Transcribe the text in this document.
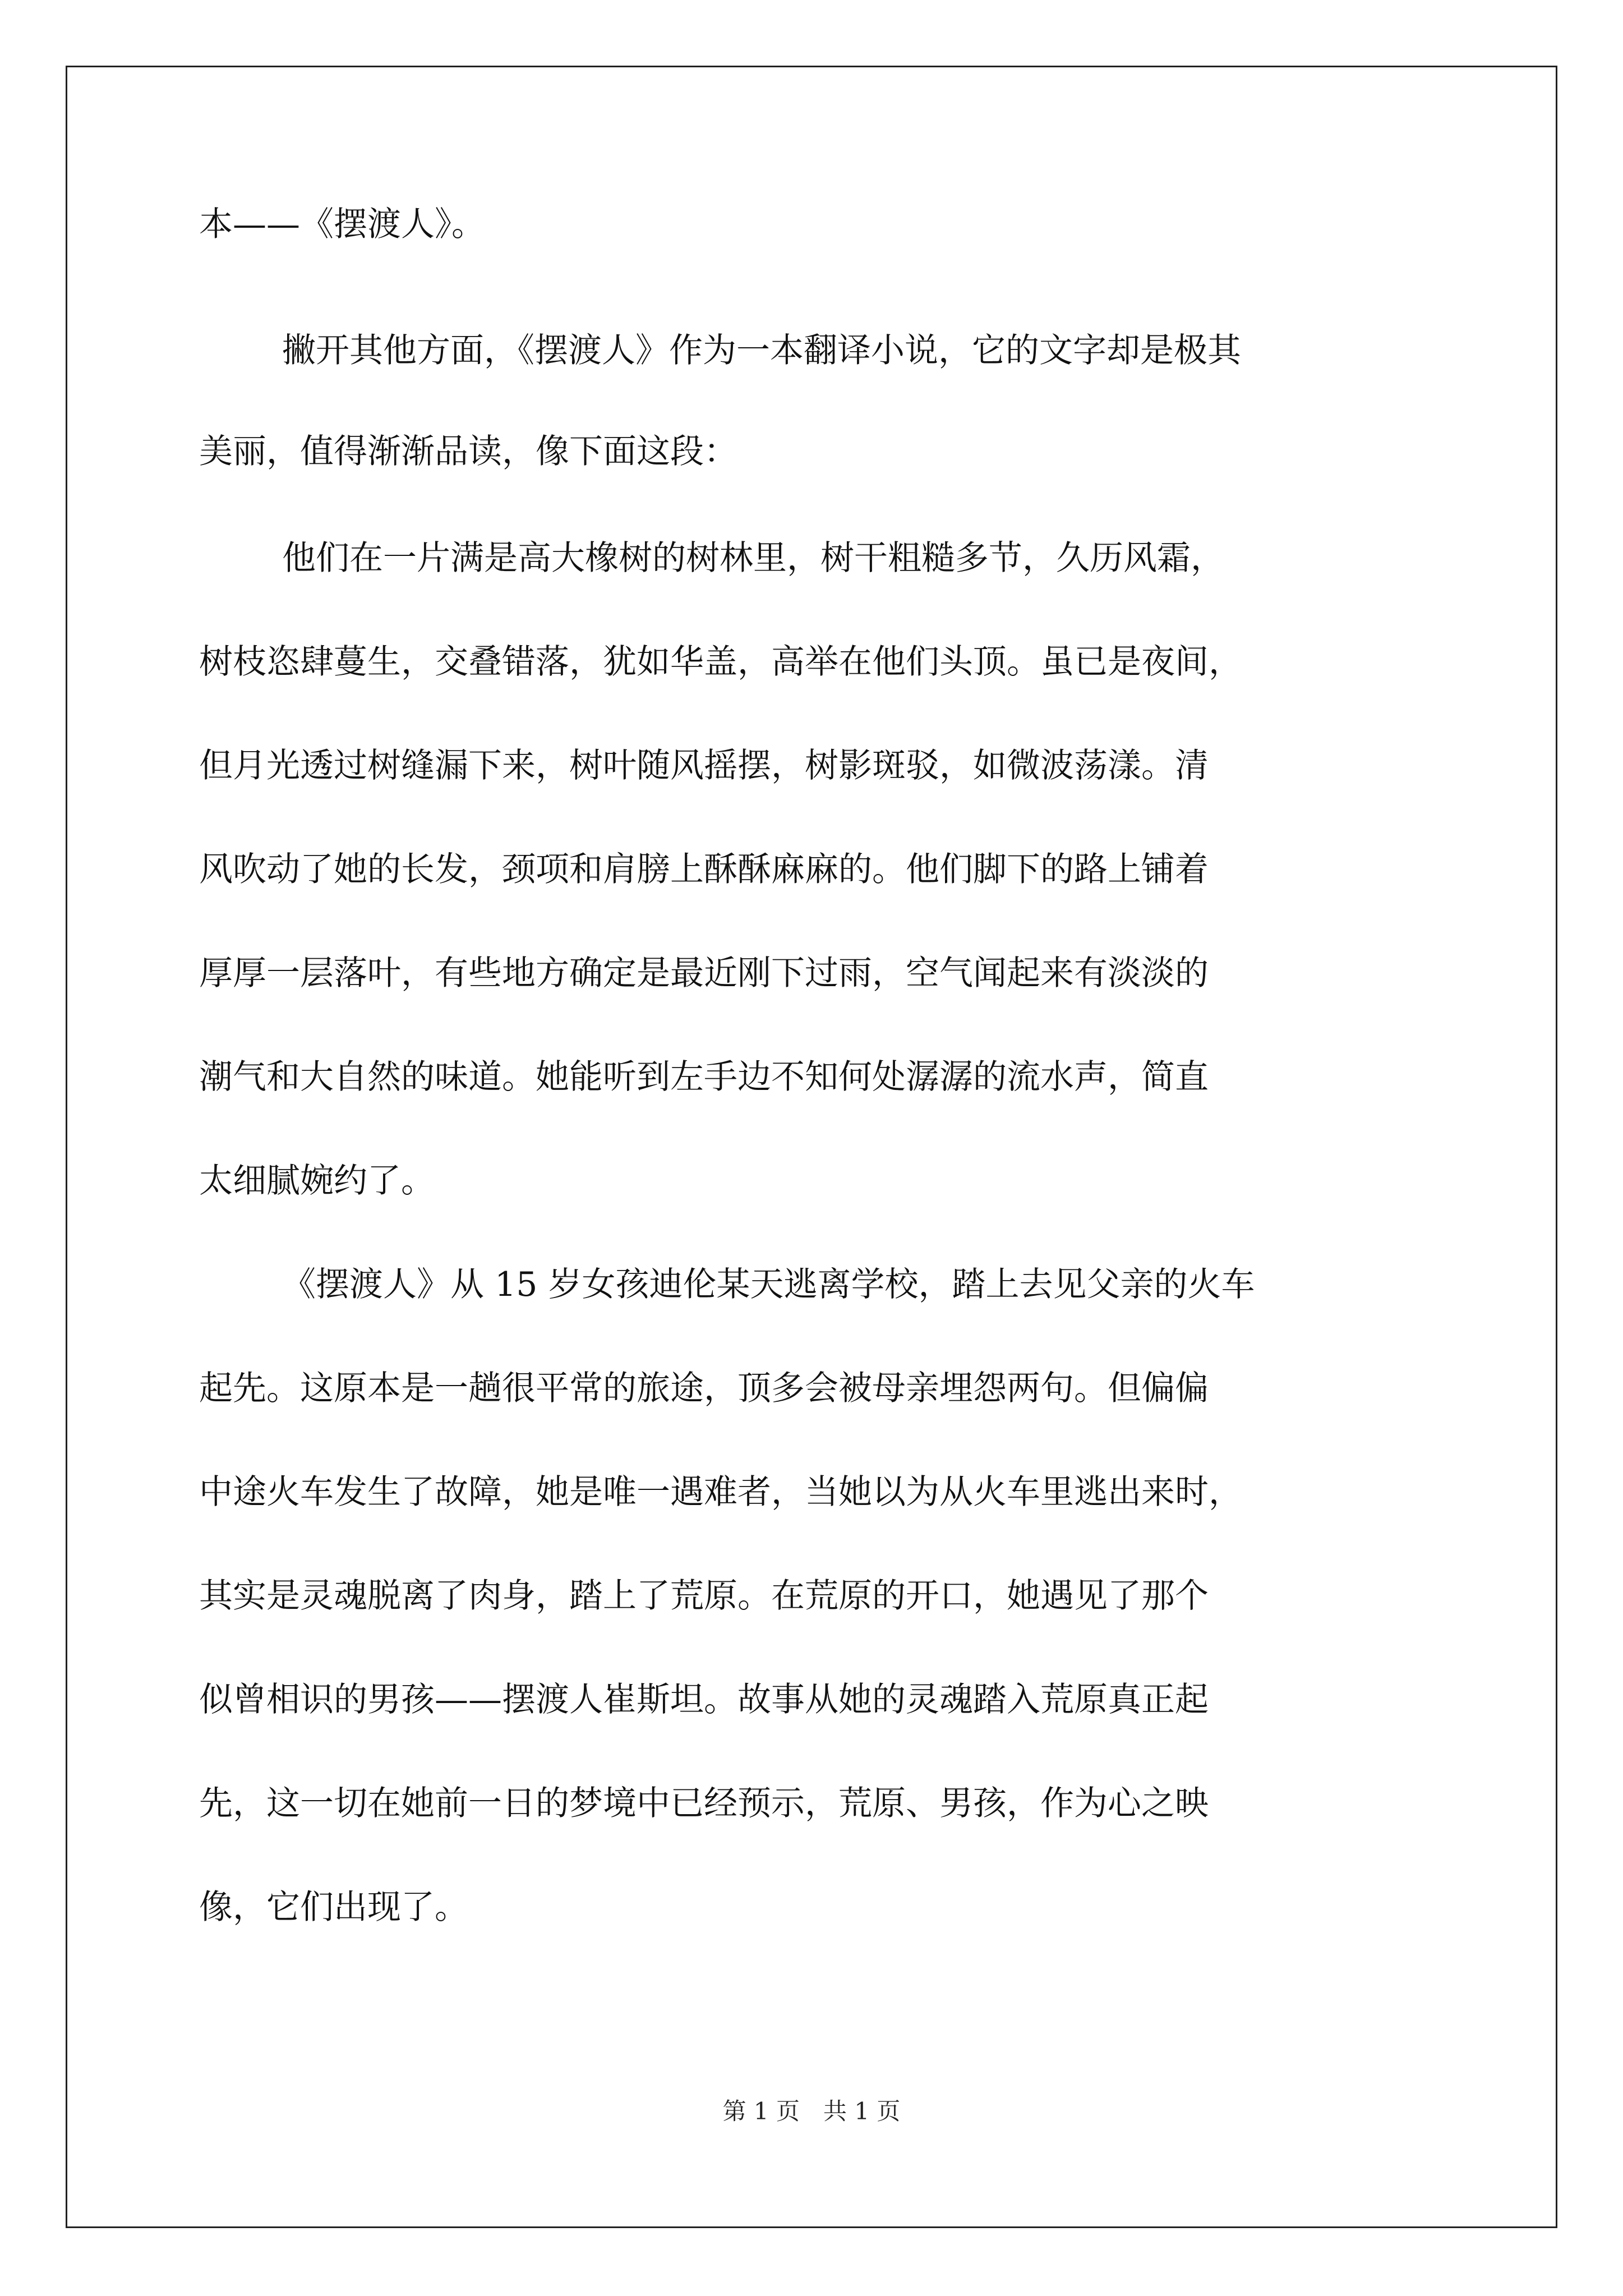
本——《摆渡人》。
撇开其他方面，《摆渡人》作为一本翻译小说，它的文字却是极其
美丽，值得渐渐品读，像下面这段：
他们在一片满是高大橡树的树林里，树干粗糙多节，久历风霜，
树枝恣肆蔓生，交叠错落，犹如华盖，高举在他们头顶。虽已是夜间，
但月光透过树缝漏下来，树叶随风摇摆，树影斑驳，如微波荡漾。清
风吹动了她的长发，颈项和肩膀上酥酥麻麻的。他们脚下的路上铺着
厚厚一层落叶，有些地方确定是最近刚下过雨，空气闻起来有淡淡的
潮气和大自然的味道。她能听到左手边不知何处潺潺的流水声，简直
太细腻婉约了。
《摆渡人》从 15 岁女孩迪伦某天逃离学校，踏上去见父亲的火车
起先。这原本是一趟很平常的旅途，顶多会被母亲埋怨两句。但偏偏
中途火车发生了故障，她是唯一遇难者，当她以为从火车里逃出来时，
其实是灵魂脱离了肉身，踏上了荒原。在荒原的开口，她遇见了那个
似曾相识的男孩——摆渡人崔斯坦。故事从她的灵魂踏入荒原真正起
先，这一切在她前一日的梦境中已经预示，荒原、男孩，作为心之映
像，它们出现了。
第 1 页　共 1 页
